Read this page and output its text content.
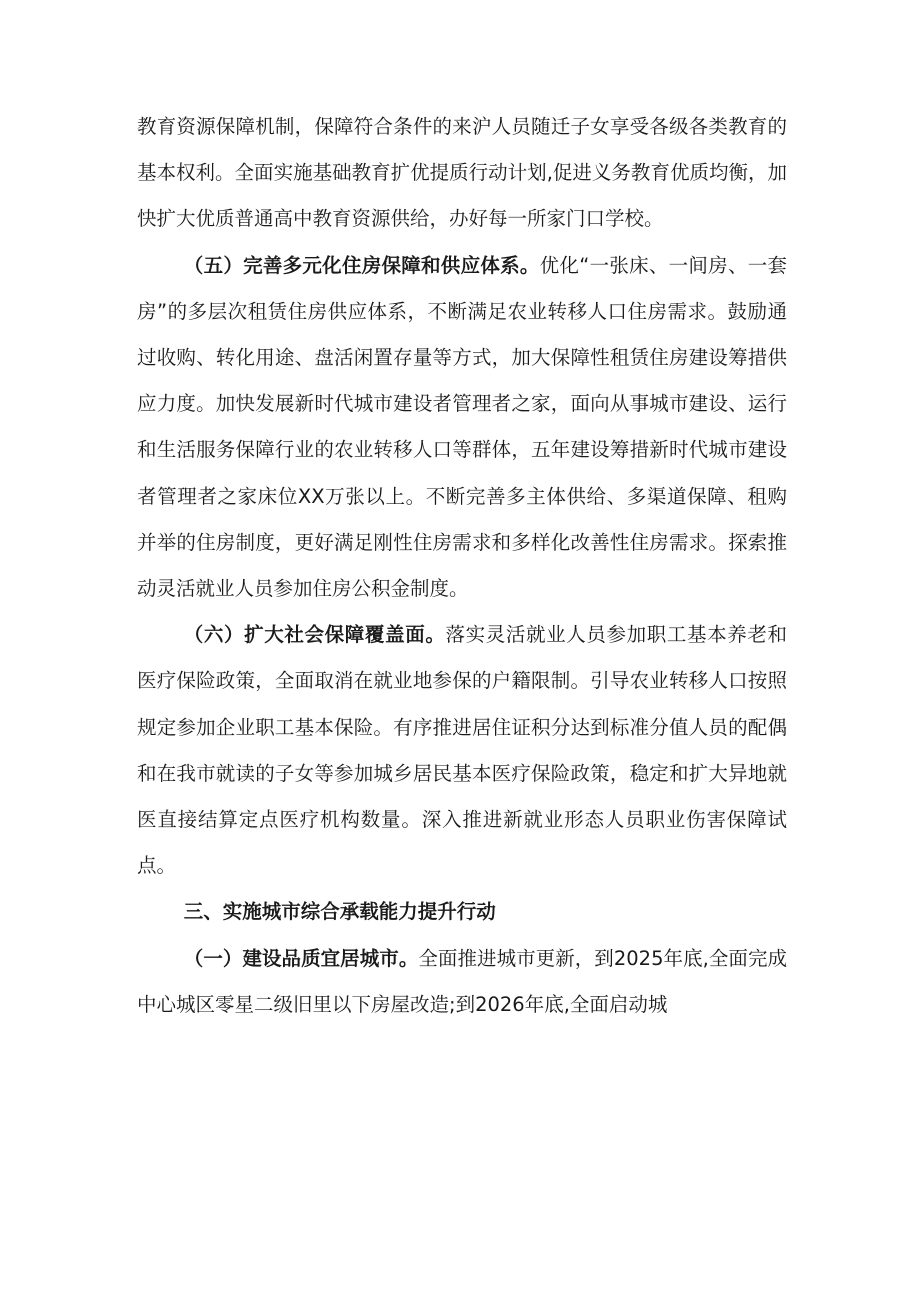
教育资源保障机制，保障符合条件的来沪人员随迁子女享受各级各类教育的基本权利。全面实施基础教育扩优提质行动计划,促进义务教育优质均衡，加快扩大优质普通高中教育资源供给，办好每一所家门口学校。

（五）完善多元化住房保障和供应体系。优化“一张床、一间房、一套房”的多层次租赁住房供应体系，不断满足农业转移人口住房需求。鼓励通过收购、转化用途、盘活闲置存量等方式，加大保障性租赁住房建设筹措供应力度。加快发展新时代城市建设者管理者之家，面向从事城市建设、运行和生活服务保障行业的农业转移人口等群体，五年建设筹措新时代城市建设者管理者之家床位XX万张以上。不断完善多主体供给、多渠道保障、租购并举的住房制度，更好满足刚性住房需求和多样化改善性住房需求。探索推动灵活就业人员参加住房公积金制度。

（六）扩大社会保障覆盖面。落实灵活就业人员参加职工基本养老和医疗保险政策，全面取消在就业地参保的户籍限制。引导农业转移人口按照规定参加企业职工基本保险。有序推进居住证积分达到标准分值人员的配偶和在我市就读的子女等参加城乡居民基本医疗保险政策，稳定和扩大异地就医直接结算定点医疗机构数量。深入推进新就业形态人员职业伤害保障试点。

三、实施城市综合承载能力提升行动

（一）建设品质宜居城市。全面推进城市更新，到2025年底,全面完成中心城区零星二级旧里以下房屋改造;到2026年底,全面启动城
